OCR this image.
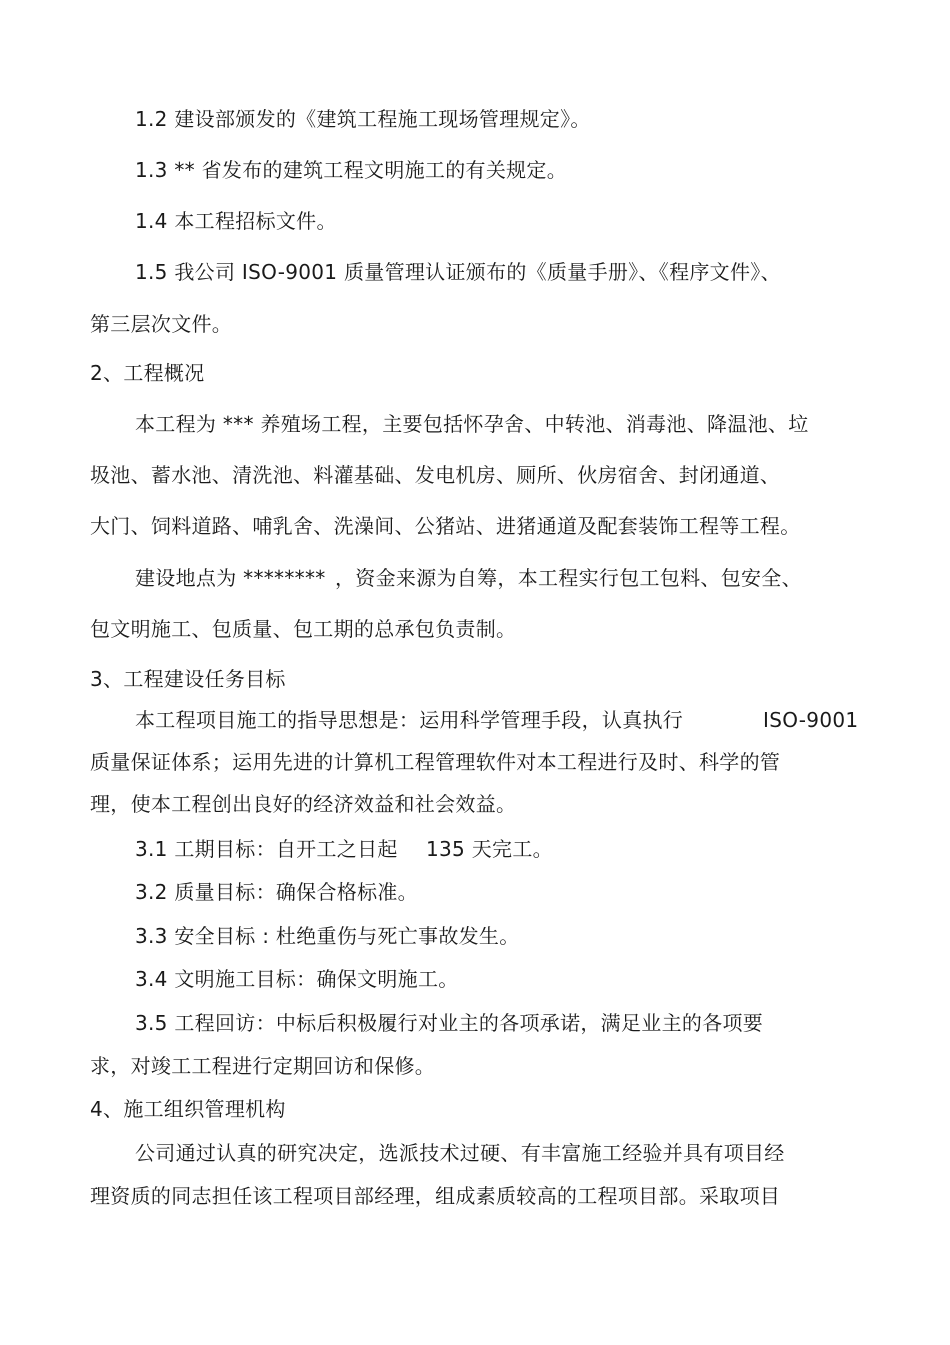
1.2 建设部颁发的《建筑工程施工现场管理规定》。
1.3 ** 省发布的建筑工程文明施工的有关规定。
1.4 本工程招标文件。
1.5 我公司 ISO-9001 质量管理认证颁布的《质量手册》、《程序文件》、
第三层次文件。
2、工程概况
本工程为 *** 养殖场工程，主要包括怀孕舍、中转池、消毒池、降温池、垃
圾池、蓄水池、清洗池、料灌基础、发电机房、厕所、伙房宿舍、封闭通道、
大门、饲料道路、哺乳舍、洗澡间、公猪站、进猪通道及配套装饰工程等工程。
建设地点为 ******** ，资金来源为自筹，本工程实行包工包料、包安全、
包文明施工、包质量、包工期的总承包负责制。
3、工程建设任务目标
本工程项目施工的指导思想是：运用科学管理手段，认真执行	ISO-9001
质量保证体系；运用先进的计算机工程管理软件对本工程进行及时、科学的管
理，使本工程创出良好的经济效益和社会效益。
3.1 工期目标：自开工之日起 135 天完工。
3.2 质量目标：确保合格标准。
3.3 安全目标 : 杜绝重伤与死亡事故发生。
3.4 文明施工目标：确保文明施工。
3.5 工程回访：中标后积极履行对业主的各项承诺，满足业主的各项要
求，对竣工工程进行定期回访和保修。
4、施工组织管理机构
公司通过认真的研究决定，选派技术过硬、有丰富施工经验并具有项目经
理资质的同志担任该工程项目部经理，组成素质较高的工程项目部。采取项目
